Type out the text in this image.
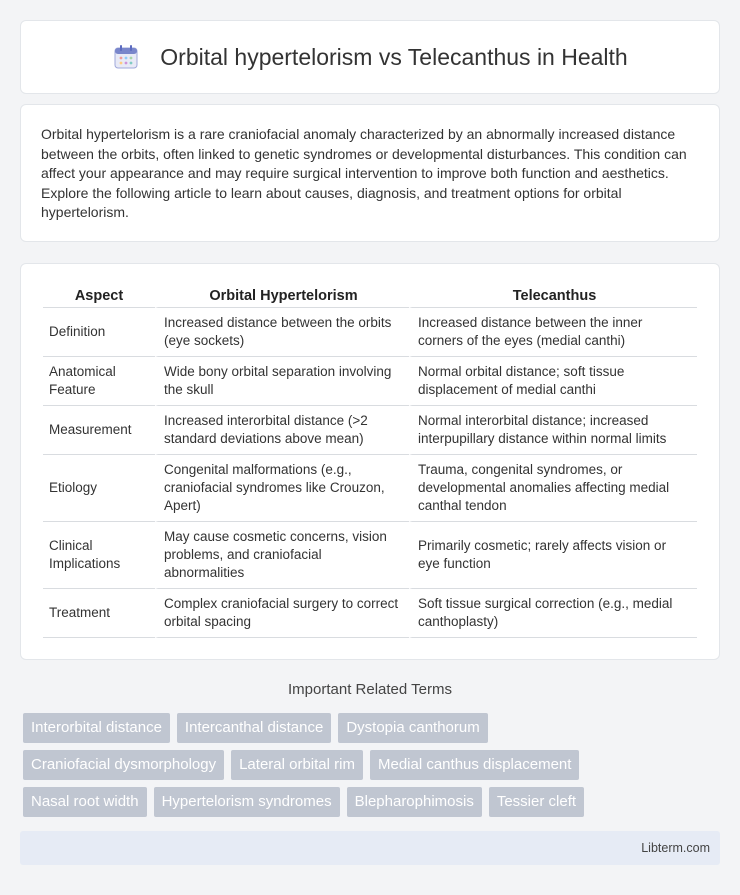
Orbital hypertelorism vs Telecanthus in Health

Orbital hypertelorism is a rare craniofacial anomaly characterized by an abnormally increased distance between the orbits, often linked to genetic syndromes or developmental disturbances. This condition can affect your appearance and may require surgical intervention to improve both function and aesthetics. Explore the following article to learn about causes, diagnosis, and treatment options for orbital hypertelorism.

Aspect	Orbital Hypertelorism	Telecanthus
Definition	Increased distance between the orbits (eye sockets)	Increased distance between the inner corners of the eyes (medial canthi)
Anatomical Feature	Wide bony orbital separation involving the skull	Normal orbital distance; soft tissue displacement of medial canthi
Measurement	Increased interorbital distance (>2 standard deviations above mean)	Normal interorbital distance; increased interpupillary distance within normal limits
Etiology	Congenital malformations (e.g., craniofacial syndromes like Crouzon, Apert)	Trauma, congenital syndromes, or developmental anomalies affecting medial canthal tendon
Clinical Implications	May cause cosmetic concerns, vision problems, and craniofacial abnormalities	Primarily cosmetic; rarely affects vision or eye function
Treatment	Complex craniofacial surgery to correct orbital spacing	Soft tissue surgical correction (e.g., medial canthoplasty)
Important Related Terms
Interorbital distance	Intercanthal distance	Dystopia canthorum
Craniofacial dysmorphology	Lateral orbital rim	Medial canthus displacement
Nasal root width	Hypertelorism syndromes	Blepharophimosis	Tessier cleft
Libterm.com
